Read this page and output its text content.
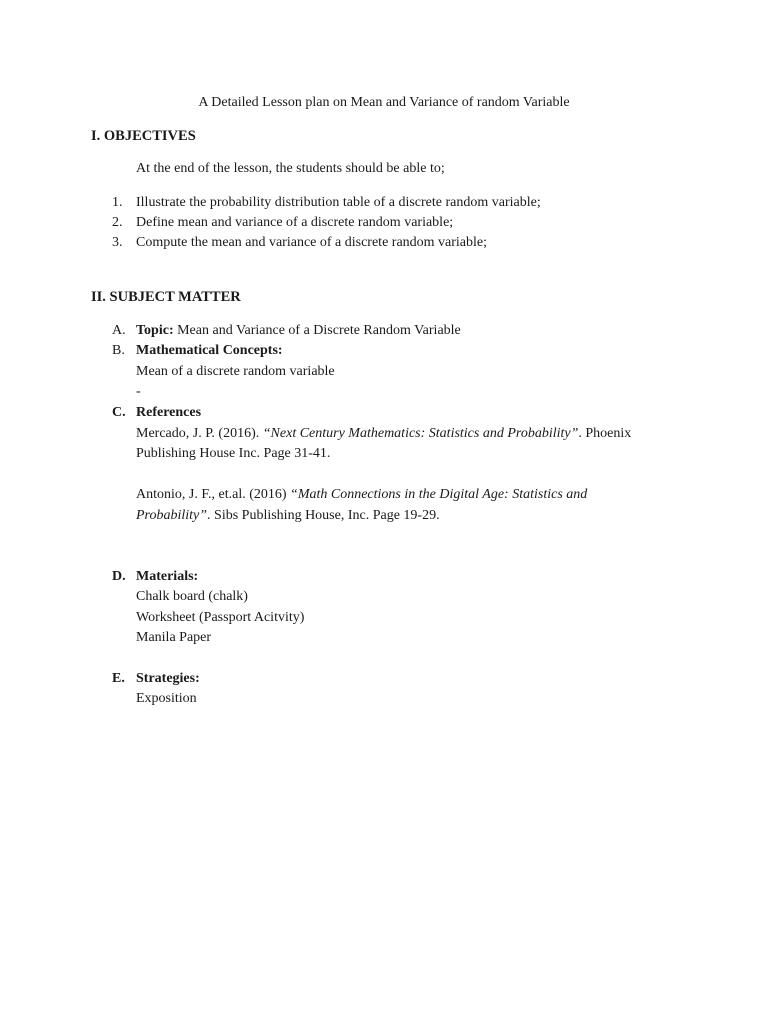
A Detailed Lesson plan on Mean and Variance of random Variable
I. OBJECTIVES
At the end of the lesson, the students should be able to;
1. Illustrate the probability distribution table of a discrete random variable;
2. Define mean and variance of a discrete random variable;
3. Compute the mean and variance of a discrete random variable;
II. SUBJECT MATTER
A. Topic: Mean and Variance of a Discrete Random Variable
B. Mathematical Concepts:
Mean of a discrete random variable
-
C. References
Mercado, J. P. (2016). “Next Century Mathematics: Statistics and Probability”. Phoenix
Publishing House Inc. Page 31-41.
Antonio, J. F., et.al. (2016) “Math Connections in the Digital Age: Statistics and
Probability”. Sibs Publishing House, Inc. Page 19-29.
D. Materials:
Chalk board (chalk)
Worksheet (Passport Acitvity)
Manila Paper
E. Strategies:
Exposition
